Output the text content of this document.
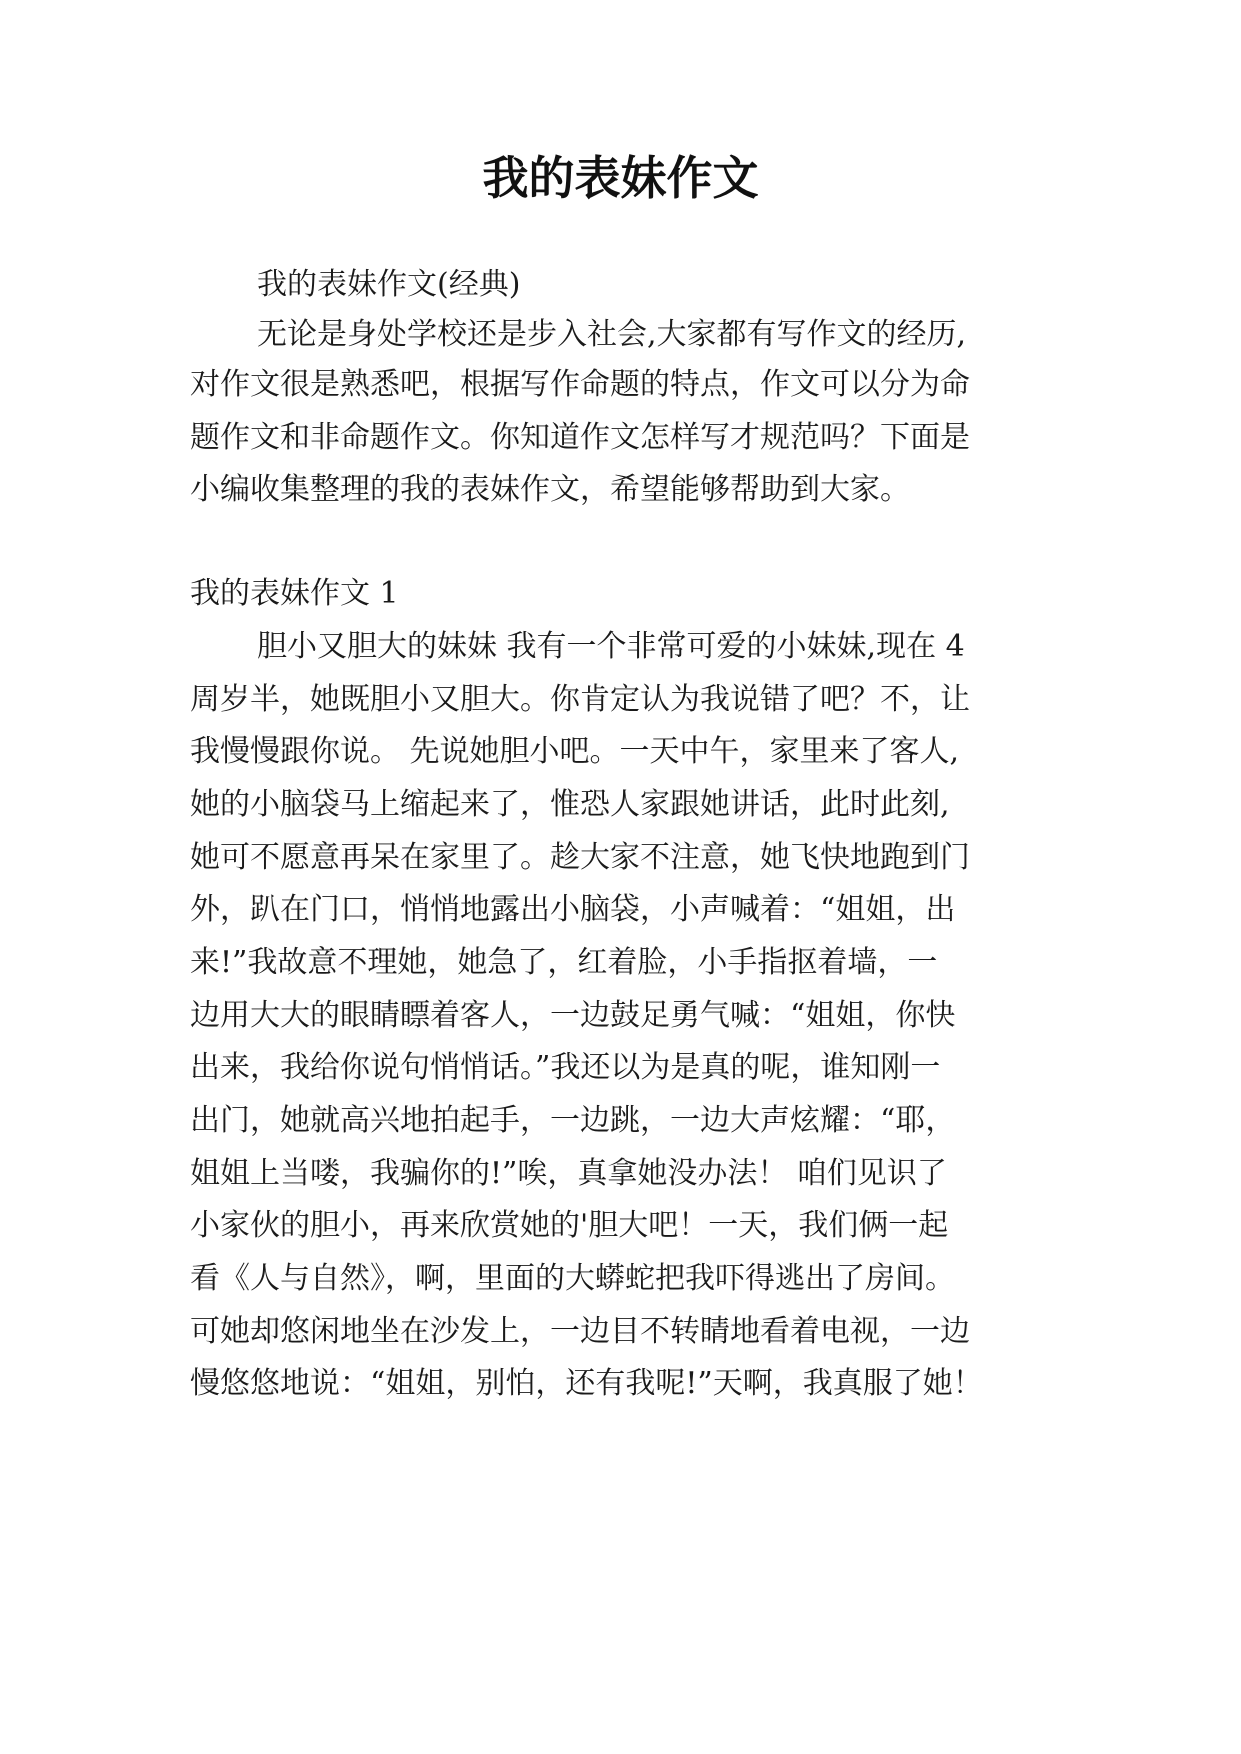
我的表妹作文
我的表妹作文(经典)
无论是身处学校还是步入社会,大家都有写作文的经历,
对作文很是熟悉吧，根据写作命题的特点，作文可以分为命
题作文和非命题作文。你知道作文怎样写才规范吗？下面是
小编收集整理的我的表妹作文，希望能够帮助到大家。
我的表妹作文 1
胆小又胆大的妹妹 我有一个非常可爱的小妹妹,现在 4
周岁半，她既胆小又胆大。你肯定认为我说错了吧？不，让
我慢慢跟你说。 先说她胆小吧。一天中午，家里来了客人,
她的小脑袋马上缩起来了，惟恐人家跟她讲话，此时此刻,
她可不愿意再呆在家里了。趁大家不注意，她飞快地跑到门
外，趴在门口，悄悄地露出小脑袋，小声喊着：“姐姐，出
来!”我故意不理她，她急了，红着脸，小手指抠着墙，一
边用大大的眼睛瞟着客人，一边鼓足勇气喊：“姐姐，你快
出来，我给你说句悄悄话。”我还以为是真的呢，谁知刚一
出门，她就高兴地拍起手，一边跳，一边大声炫耀：“耶，
姐姐上当喽，我骗你的!”唉，真拿她没办法！ 咱们见识了
小家伙的胆小，再来欣赏她的'胆大吧！一天，我们俩一起
看《人与自然》，啊，里面的大蟒蛇把我吓得逃出了房间。
可她却悠闲地坐在沙发上，一边目不转睛地看着电视，一边
慢悠悠地说：“姐姐，别怕，还有我呢!”天啊，我真服了她！
